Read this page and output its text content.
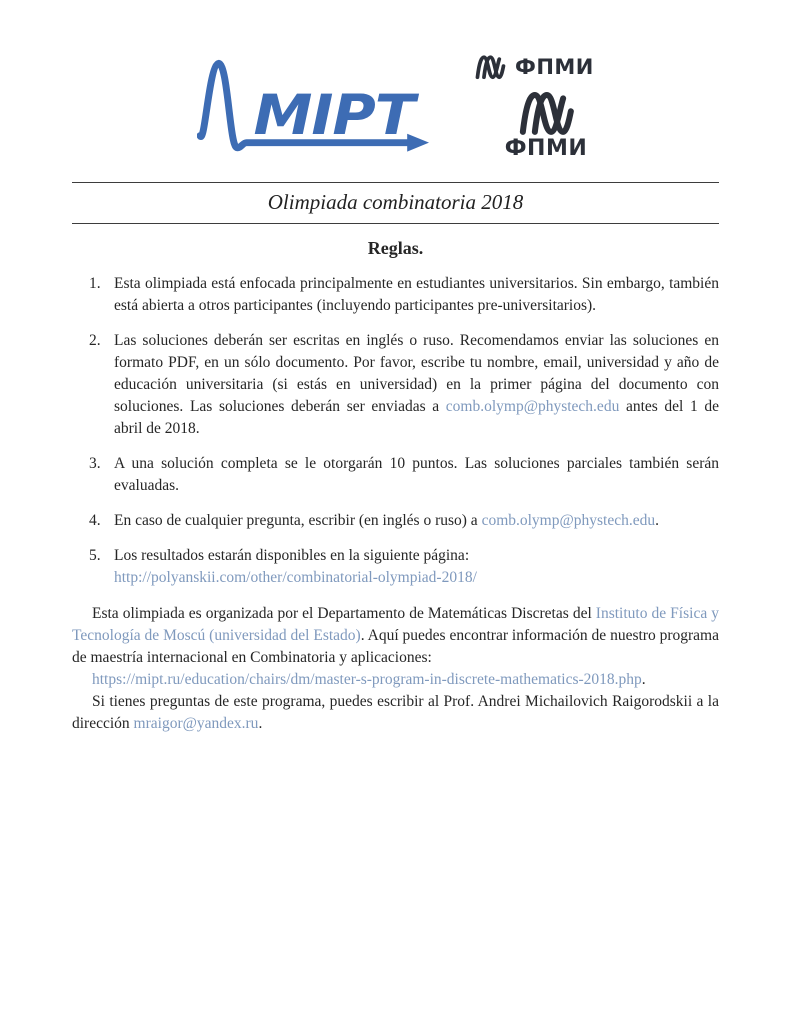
MIPT
ФПМИ
ФПМИ
Olimpiada combinatoria 2018
Reglas.
1. Esta olimpiada está enfocada principalmente en estudiantes universitarios. Sin embargo, también está abierta a otros participantes (incluyendo participantes pre-universitarios).
2. Las soluciones deberán ser escritas en inglés o ruso. Recomendamos enviar las soluciones en formato PDF, en un sólo documento. Por favor, escribe tu nombre, email, universidad y año de educación universitaria (si estás en universidad) en la primer página del documento con soluciones. Las soluciones deberán ser enviadas a comb.olymp@phystech.edu antes del 1 de abril de 2018.
3. A una solución completa se le otorgarán 10 puntos. Las soluciones parciales también serán evaluadas.
4. En caso de cualquier pregunta, escribir (en inglés o ruso) a comb.olymp@phystech.edu.
5. Los resultados estarán disponibles en la siguiente página:
http://polyanskii.com/other/combinatorial-olympiad-2018/

Esta olimpiada es organizada por el Departamento de Matemáticas Discretas del Instituto de Física y Tecnología de Moscú (universidad del Estado). Aquí puedes encontrar información de nuestro programa de maestría internacional en Combinatoria y aplicaciones:

https://mipt.ru/education/chairs/dm/master-s-program-in-discrete-mathematics-2018.php.

Si tienes preguntas de este programa, puedes escribir al Prof. Andrei Michailovich Raigorodskii a la dirección mraigor@yandex.ru.
